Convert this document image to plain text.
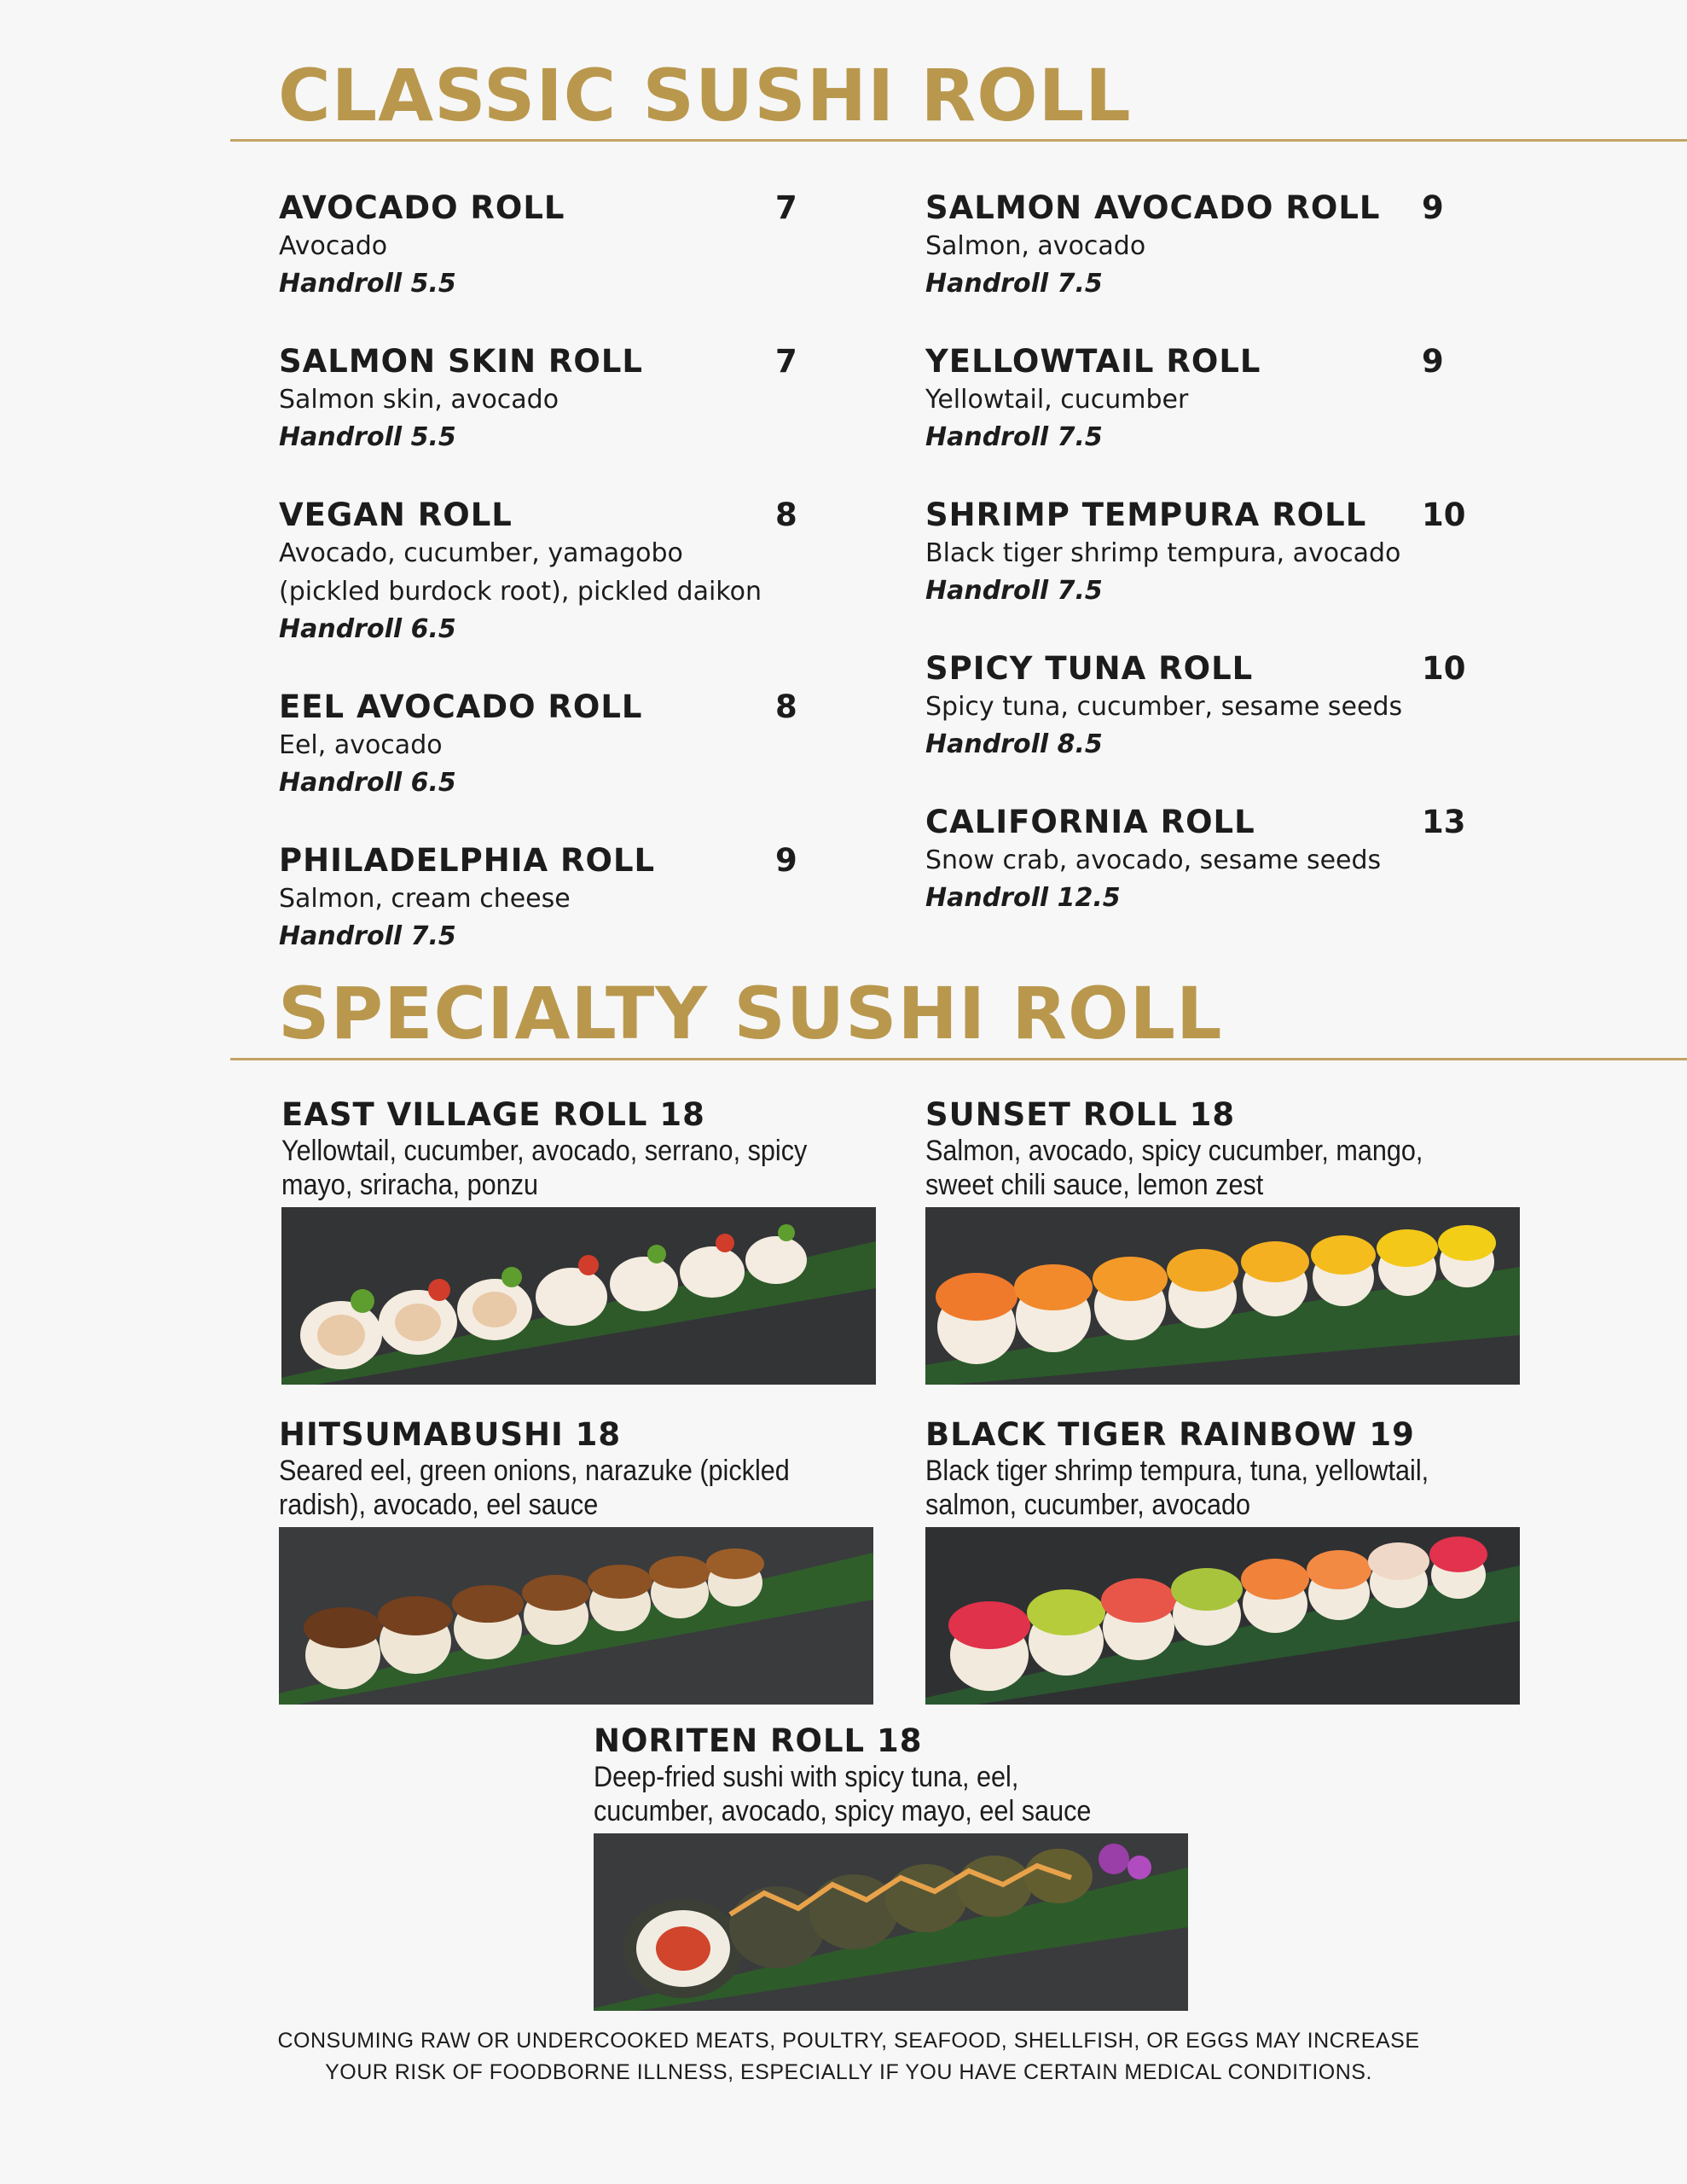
CLASSIC SUSHI ROLL
AVOCADO ROLL	7
Avocado
Handroll 5.5
SALMON SKIN ROLL	7
Salmon skin, avocado
Handroll 5.5
VEGAN ROLL	8
Avocado, cucumber, yamagobo (pickled burdock root), pickled daikon
Handroll 6.5
EEL AVOCADO ROLL	8
Eel, avocado
Handroll 6.5
PHILADELPHIA ROLL	9
Salmon, cream cheese
Handroll 7.5
SALMON AVOCADO ROLL	9
Salmon, avocado
Handroll 7.5
YELLOWTAIL ROLL	9
Yellowtail, cucumber
Handroll 7.5
SHRIMP TEMPURA ROLL	10
Black tiger shrimp tempura, avocado
Handroll 7.5
SPICY TUNA ROLL	10
Spicy tuna, cucumber, sesame seeds
Handroll 8.5
CALIFORNIA ROLL	13
Snow crab, avocado, sesame seeds
Handroll 12.5
SPECIALTY SUSHI ROLL
EAST VILLAGE ROLL 18
Yellowtail, cucumber, avocado, serrano, spicy mayo, sriracha, ponzu
SUNSET ROLL 18
Salmon, avocado, spicy cucumber, mango, sweet chili sauce, lemon zest
HITSUMABUSHI 18
Seared eel, green onions, narazuke (pickled radish), avocado, eel sauce
BLACK TIGER RAINBOW 19
Black tiger shrimp tempura, tuna, yellowtail, salmon, cucumber, avocado
NORITEN ROLL 18
Deep-fried sushi with spicy tuna, eel, cucumber, avocado, spicy mayo, eel sauce
CONSUMING RAW OR UNDERCOOKED MEATS, POULTRY, SEAFOOD, SHELLFISH, OR EGGS MAY INCREASE YOUR RISK OF FOODBORNE ILLNESS, ESPECIALLY IF YOU HAVE CERTAIN MEDICAL CONDITIONS.
